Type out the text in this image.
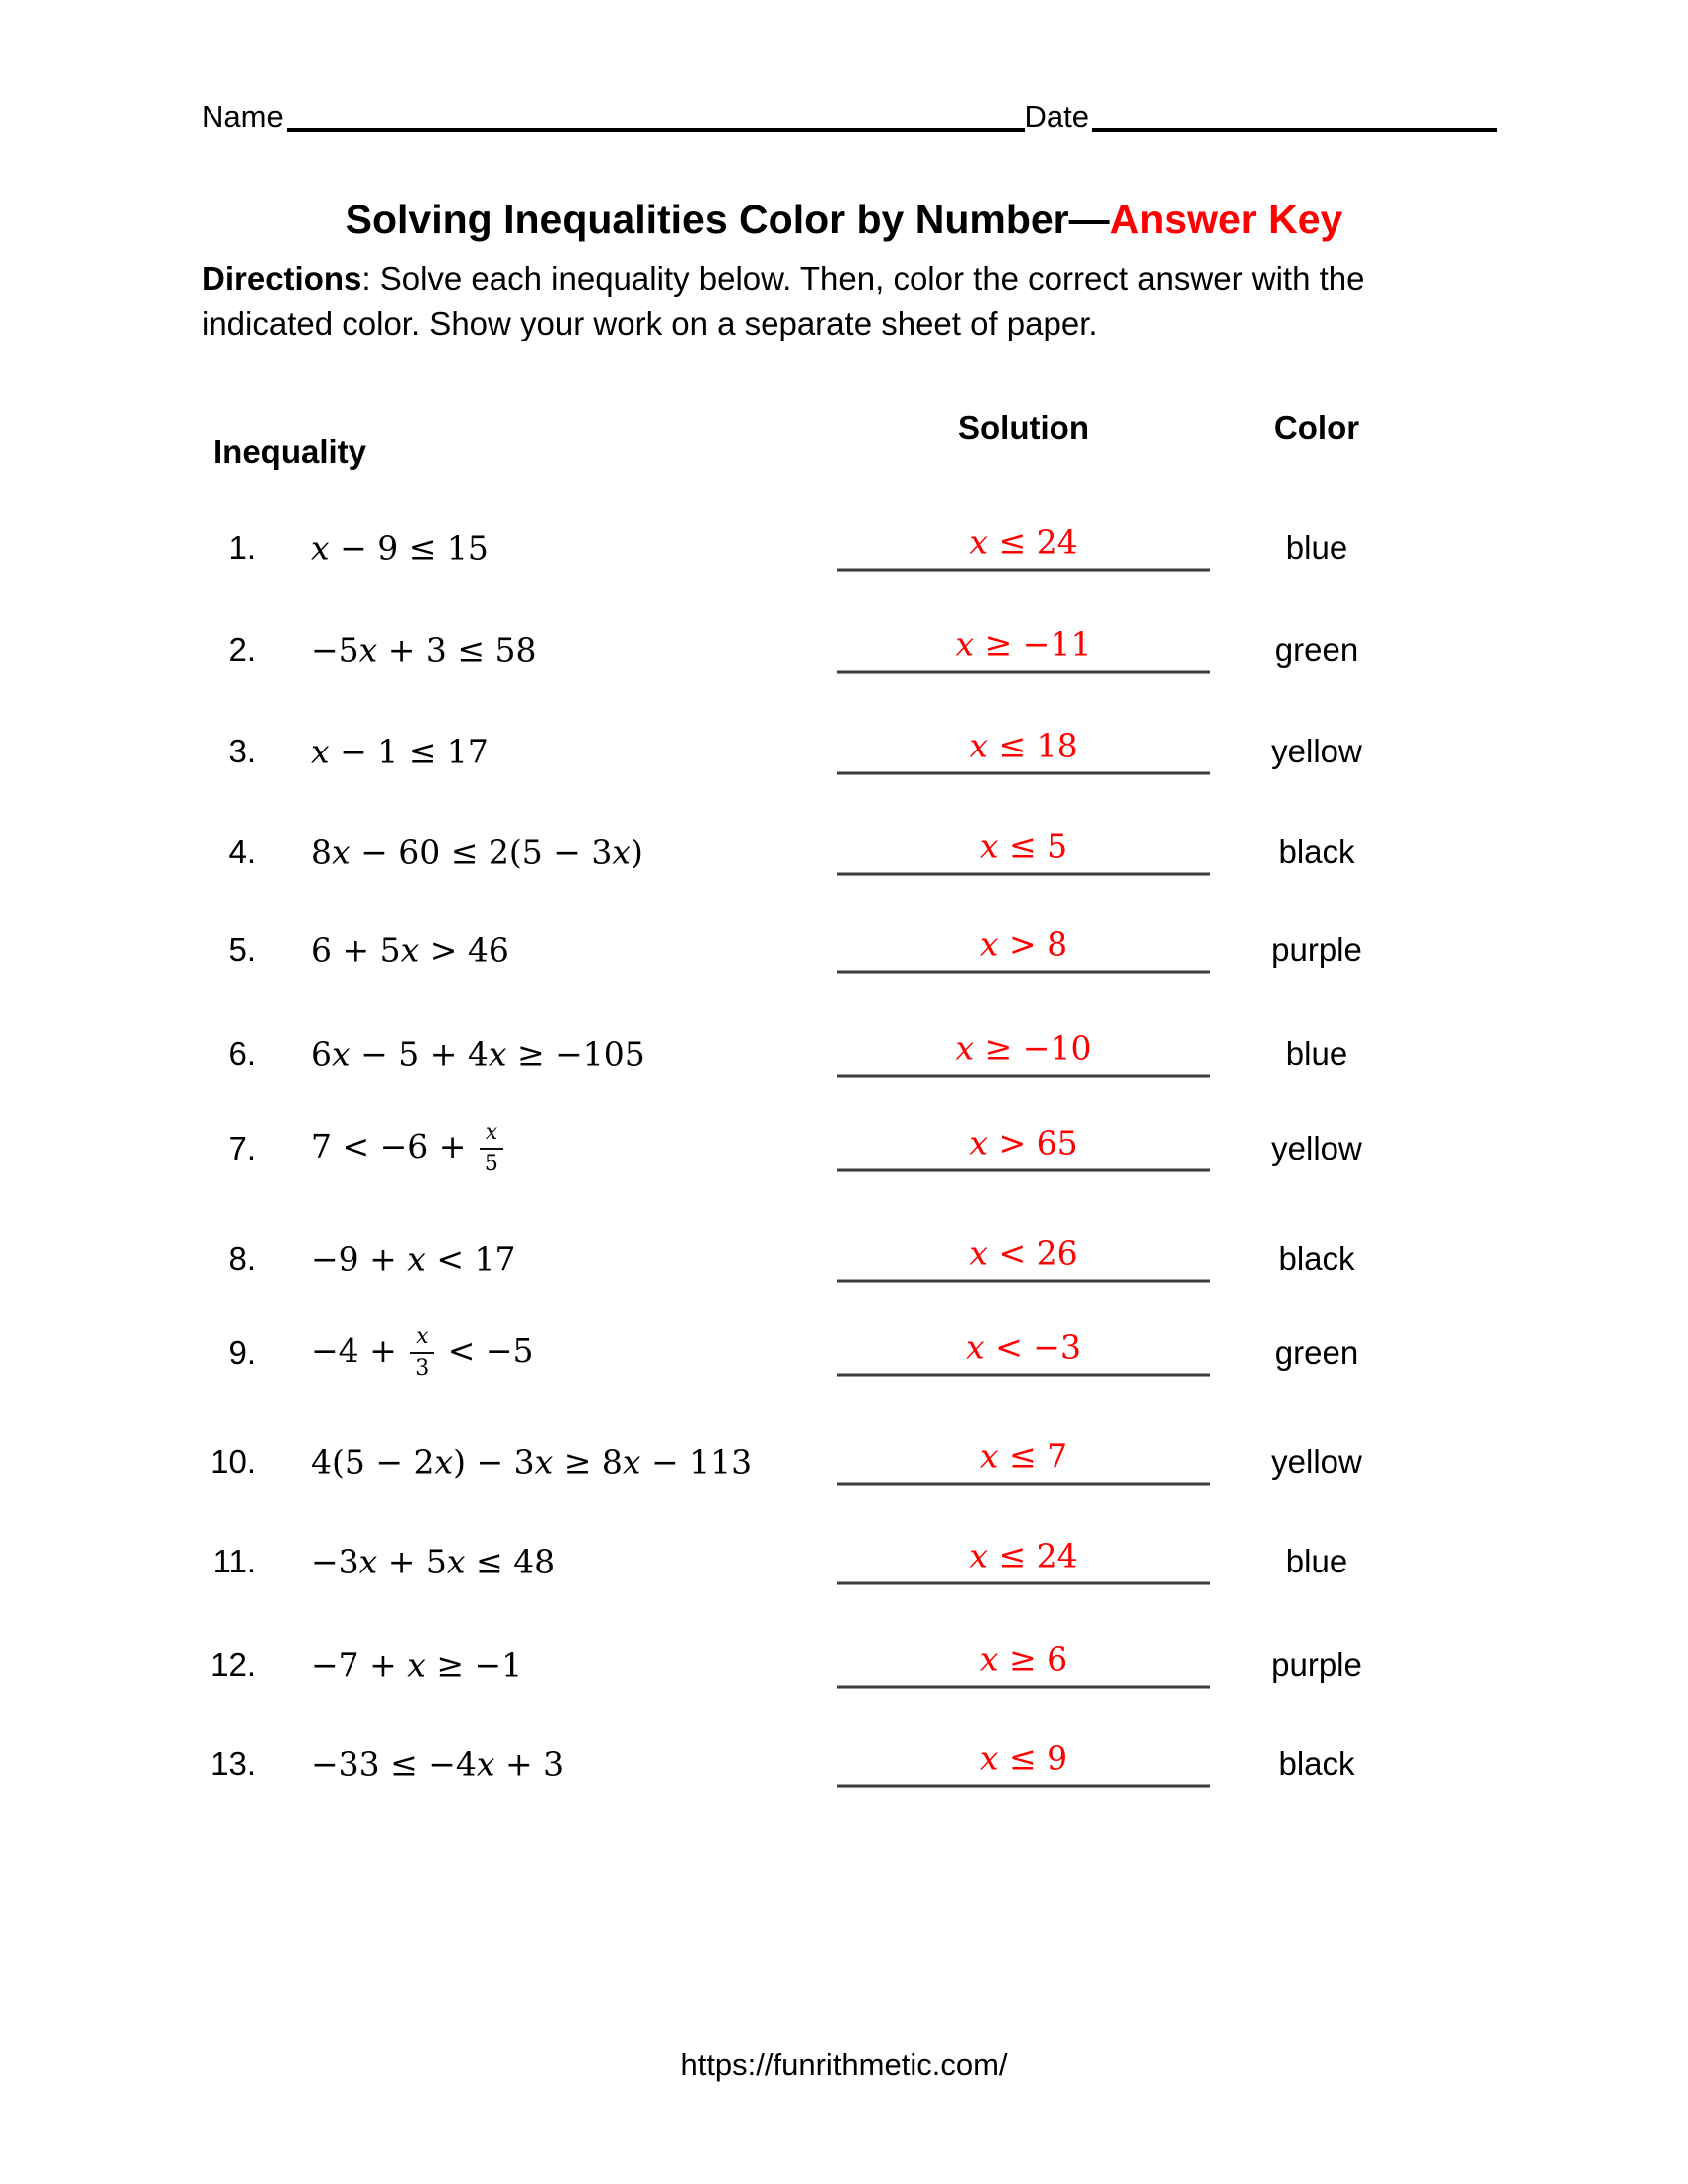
Name	Date
Solving Inequalities Color by Number—Answer Key
Directions: Solve each inequality below. Then, color the correct answer with the
indicated color. Show your work on a separate sheet of paper.
Inequality
Solution	Color
1. x − 9 ≤ 15	x ≤ 24	blue
2. −5x + 3 ≤ 58	x ≥ −11	green
3. x − 1 ≤ 17	x ≤ 18	yellow
4. 8x − 60 ≤ 2(5 − 3x)	x ≤ 5	black
5. 6 + 5x > 46	x > 8	purple
6. 6x − 5 + 4x ≥ −105	x ≥ −10	blue
7. $7 < -6 + \frac{x}{5}$	x > 65	yellow
8. −9 + x < 17	x < 26	black
9. $-4 + \frac{x}{3} < -5$	x < −3	green
10. 4(5 − 2x) − 3x ≥ 8x − 113	x ≤ 7	yellow
11. −3x + 5x ≤ 48	x ≤ 24	blue
12. −7 + x ≥ −1	x ≥ 6	purple
13. −33 ≤ −4x + 3	x ≤ 9	black
https://funrithmetic.com/
